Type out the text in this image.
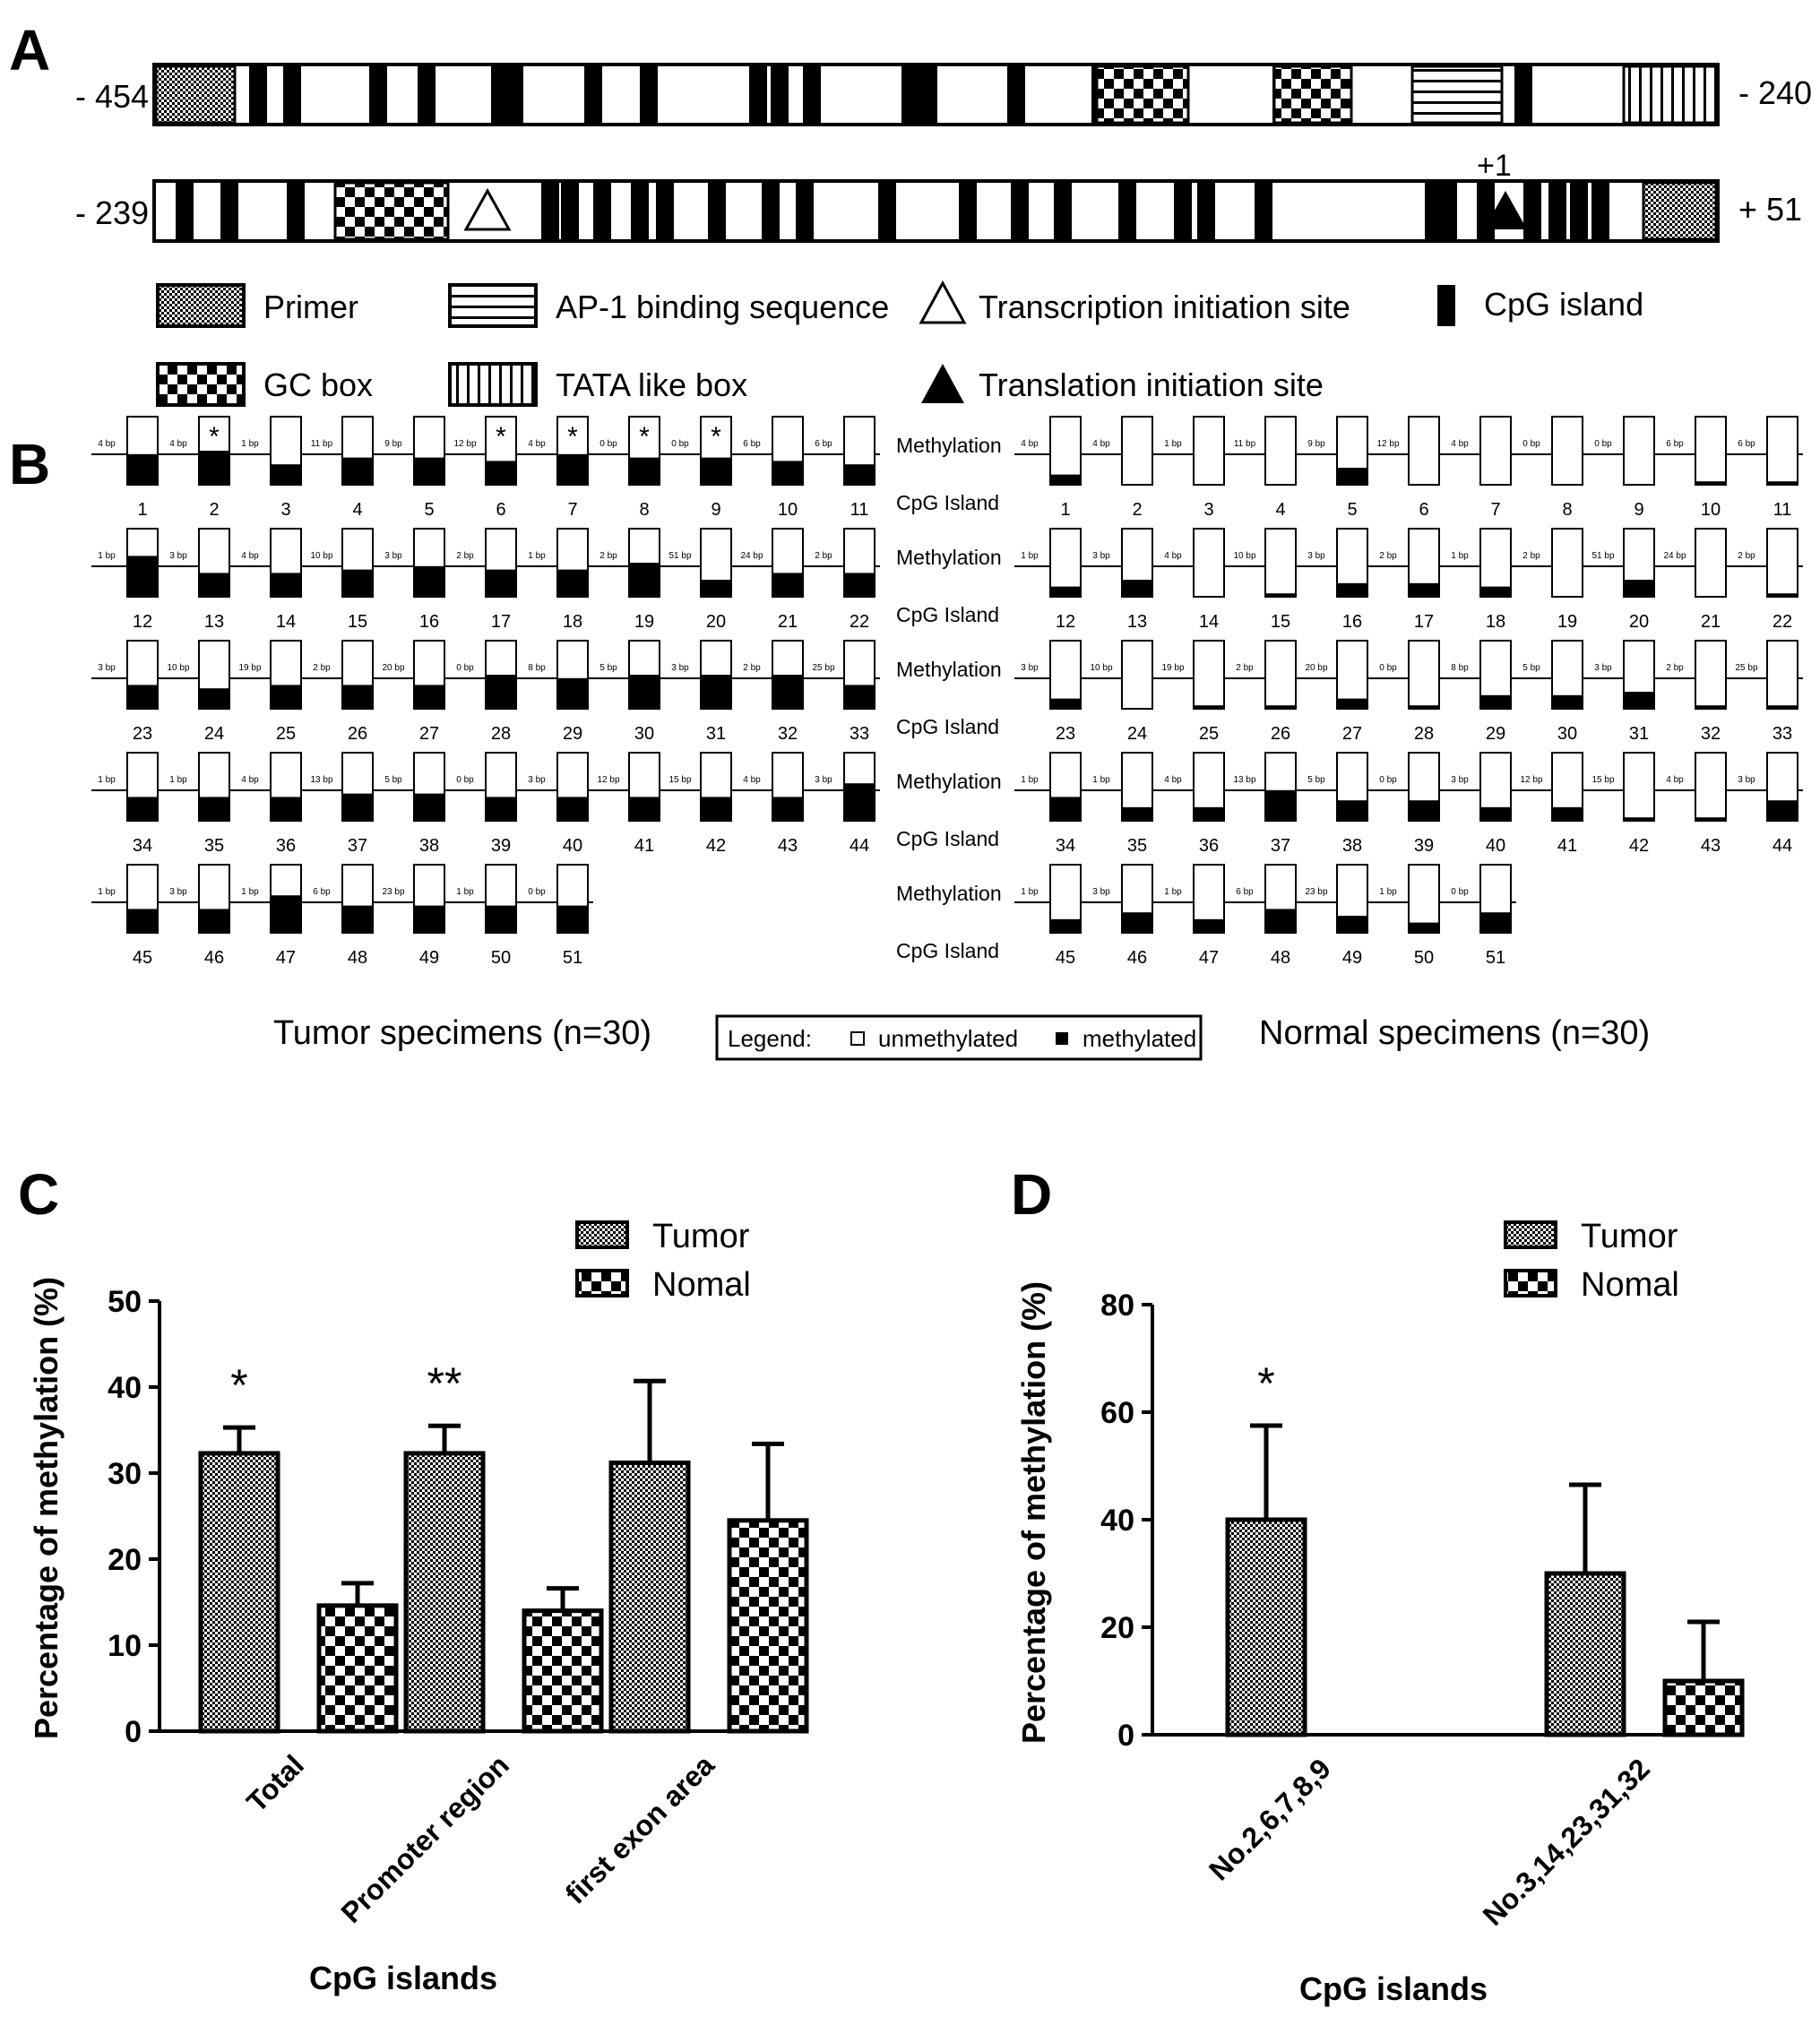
A
B
C	D
- 454	- 240
- 239	+ 51
+1
Primer	AP-1 binding sequence	Transcription initiation site	CpG island
GC box	TATA like box	Translation initiation site
1
4 bp
2
4 bp *
3
1 bp
4
11 bp
5
9 bp
6
12 bp *
7
4 bp *
8
0 bp *
9
0 bp *
10
6 bp
11
6 bp
12
1 bp
13
3 bp
14
4 bp
15
10 bp
16
3 bp
17
2 bp
18
1 bp
19
2 bp
20
51 bp
21
24 bp
22
2 bp
23
3 bp
24
10 bp
25
19 bp
26
2 bp
27
20 bp
28
0 bp
29
8 bp
30
5 bp
31
3 bp
32
2 bp
33
25 bp
34
1 bp
35
1 bp
36
4 bp
37
13 bp
38
5 bp
39
0 bp
40
3 bp
41
12 bp
42
15 bp
43
4 bp
44
3 bp
45
1 bp
46
3 bp
47
1 bp
48
6 bp
49
23 bp
50
1 bp
51
0 bp
1
4 bp
2
4 bp
3
1 bp
4
11 bp
5
9 bp
6
12 bp
7
4 bp
8
0 bp
9
0 bp
10
6 bp
11
6 bp
12
1 bp
13
3 bp
14
4 bp
15
10 bp
16
3 bp
17
2 bp
18
1 bp
19
2 bp
20
51 bp
21
24 bp
22
2 bp
23
3 bp
24
10 bp
25
19 bp
26
2 bp
27
20 bp
28
0 bp
29
8 bp
30
5 bp
31
3 bp
32
2 bp
33
25 bp
34
1 bp
35
1 bp
36
4 bp
37
13 bp
38
5 bp
39
0 bp
40
3 bp
41
12 bp
42
15 bp
43
4 bp
44
3 bp
45
1 bp
46
3 bp
47
1 bp
48
6 bp
49
23 bp
50
1 bp
51
0 bp
Methylation
CpG Island
Methylation
CpG Island
Methylation
CpG Island
Methylation
CpG Island
Methylation
CpG Island
Tumor specimens (n=30)	Normal specimens (n=30)
Legend:	unmethylated	methylated
0
10
20
30
40
50
*
Total
**
Promoter region first exon area
Percentage of methylation (%)
CpG islands
Tumor
Nomal
0
20
40
60
80
*
No.2,6,7,8,9	No.3,14,23,31,32
Percentage of methylation (%)
CpG islands
Tumor
Nomal
